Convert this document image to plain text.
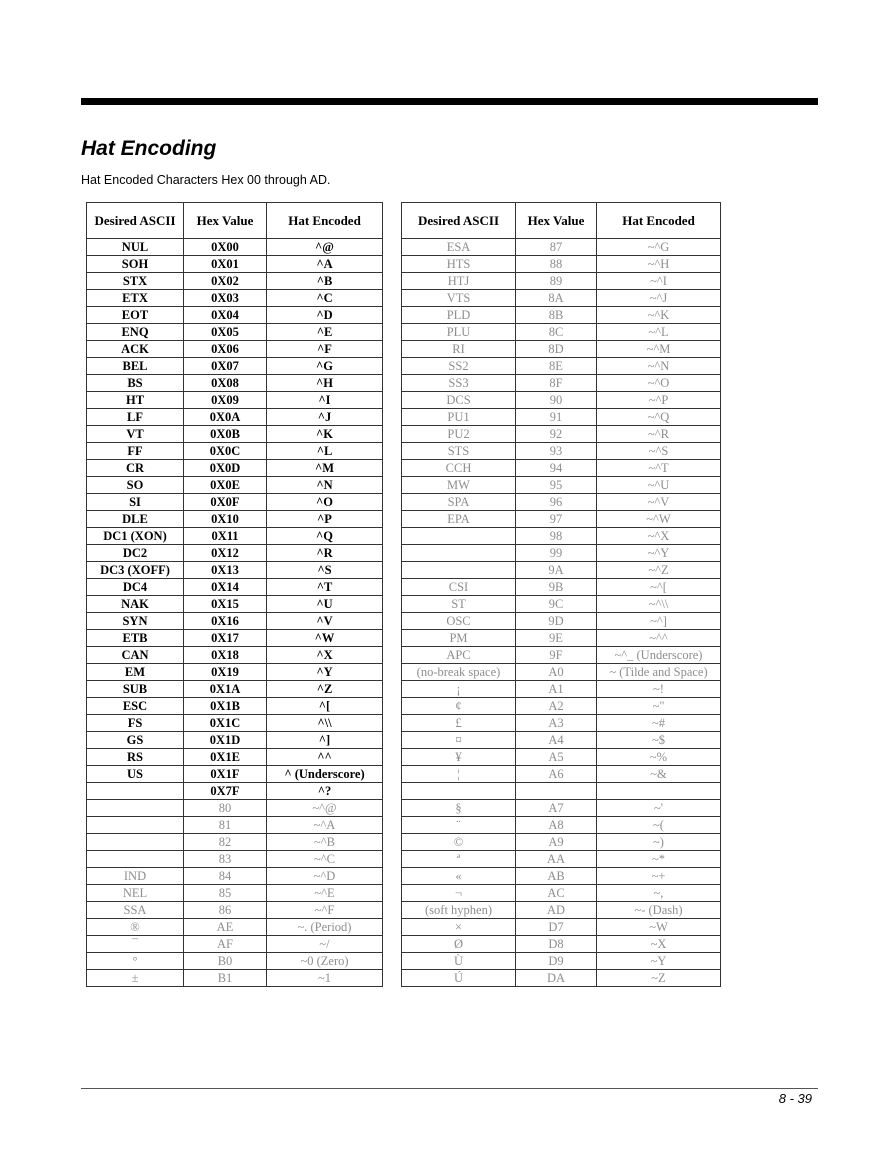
Hat Encoding
Hat Encoded Characters Hex 00 through AD.
Desired ASCII	Hex Value	Hat Encoded
NUL	0X00	^@
SOH	0X01	^A
STX	0X02	^B
ETX	0X03	^C
EOT	0X04	^D
ENQ	0X05	^E
ACK	0X06	^F
BEL	0X07	^G
BS	0X08	^H
HT	0X09	^I
LF	0X0A	^J
VT	0X0B	^K
FF	0X0C	^L
CR	0X0D	^M
SO	0X0E	^N
SI	0X0F	^O
DLE	0X10	^P
DC1 (XON)	0X11	^Q
DC2	0X12	^R
DC3 (XOFF)	0X13	^S
DC4	0X14	^T
NAK	0X15	^U
SYN	0X16	^V
ETB	0X17	^W
CAN	0X18	^X
EM	0X19	^Y
SUB	0X1A	^Z
ESC	0X1B	^[
FS	0X1C	^\\
GS	0X1D	^]
RS	0X1E	^^
US	0X1F	^ (Underscore)
	0X7F	^?
	80	~^@
	81	~^A
	82	~^B
	83	~^C
IND	84	~^D
NEL	85	~^E
SSA	86	~^F
®	AE	~. (Period)
¯	AF	~/
°	B0	~0 (Zero)
±	B1	~1
Desired ASCII	Hex Value	Hat Encoded
ESA	87	~^G
HTS	88	~^H
HTJ	89	~^I
VTS	8A	~^J
PLD	8B	~^K
PLU	8C	~^L
RI	8D	~^M
SS2	8E	~^N
SS3	8F	~^O
DCS	90	~^P
PU1	91	~^Q
PU2	92	~^R
STS	93	~^S
CCH	94	~^T
MW	95	~^U
SPA	96	~^V
EPA	97	~^W
	98	~^X
	99	~^Y
	9A	~^Z
CSI	9B	~^[
ST	9C	~^\\
OSC	9D	~^]
PM	9E	~^^
APC	9F	~^_ (Underscore)
(no-break space)	A0	~ (Tilde and Space)
¡	A1	~!
¢	A2	~"
£	A3	~#
¤	A4	~$
¥	A5	~%
¦	A6	~&

§	A7	~'
¨	A8	~(
©	A9	~)
ª	AA	~*
«	AB	~+
¬	AC	~,
(soft hyphen)	AD	~- (Dash)
×	D7	~W
Ø	D8	~X
Ù	D9	~Y
Ú	DA	~Z
8 - 39
